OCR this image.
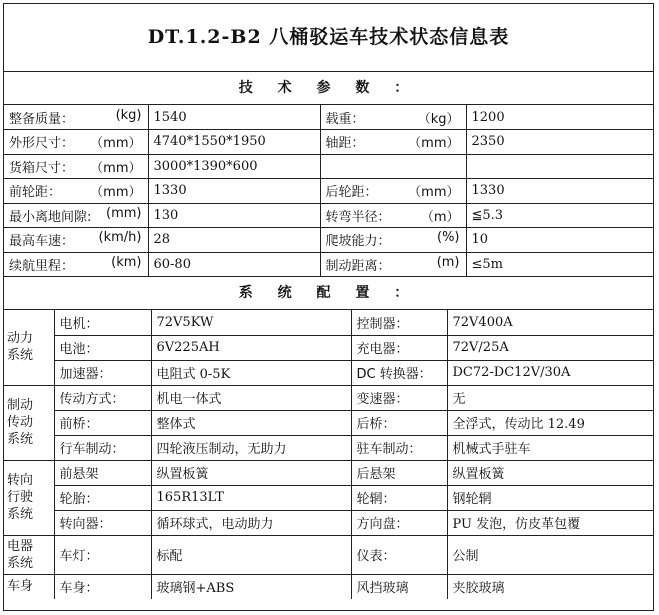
DT.1.2-B2 八桶驳运车技术状态信息表
技 术 参 数 ：
整备质量： (kg)	1540	载重： （kg）	1200

外形尺寸： （mm）	4740*1550*1950	轴距： （mm）	2350

货箱尺寸： （mm）	3000*1390*600	

前轮距： （mm）	1330	后轮距： （mm）	1330

最小离地间隙: (mm)	130	转弯半径： （m）	≦5.3

最高车速： (km/h)	28	爬坡能力： (%)	10

续航里程： (km)	60-80	制动距离： (m)	≤5m
系 统 配 置 ：
动力
系统	电机：	72V5KW	控制器：	72V400A
	电池：	6V225AH	充电器：	72V/25A
	加速器：	电阻式 0-5K	DC 转换器：	DC72-DC12V/30A
制动
传动
系统	传动方式：	机电一体式	变速器：	无
	前桥：	整体式	后桥：	全浮式，传动比 12.49
	行车制动：	四轮液压制动，无助力	驻车制动：	机械式手驻车
转向
行驶
系统	前悬架	纵置板簧	后悬架	纵置板簧
	轮胎：	165R13LT	轮辋：	钢轮辋
	转向器：	循环球式，电动助力	方向盘：	PU 发泡，仿皮革包覆
电器
系统	车灯：	标配	仪表：	公制
车身	车身：	玻璃钢+ABS	风挡玻璃	夹胶玻璃
